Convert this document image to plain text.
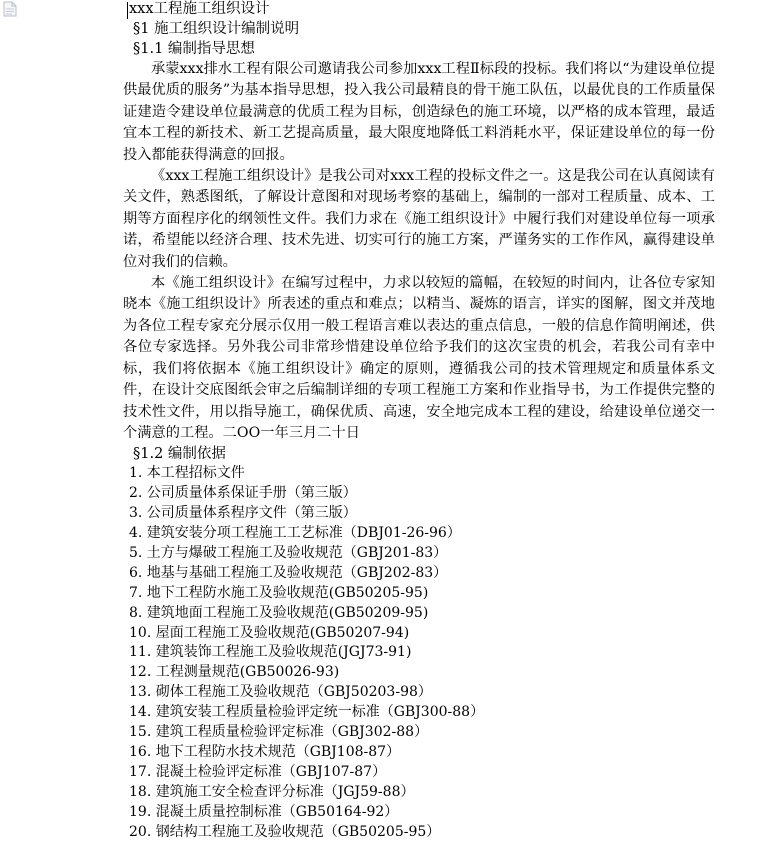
xxx工程施工组织设计
§1 施工组织设计编制说明
§1.1 编制指导思想

承蒙xxx排水工程有限公司邀请我公司参加xxx工程Ⅱ标段的投标。我们将以“为建设单位提供最优质的服务”为基本指导思想，投入我公司最精良的骨干施工队伍，以最优良的工作质量保证建造令建设单位最满意的优质工程为目标，创造绿色的施工环境，以严格的成本管理，最适宜本工程的新技术、新工艺提高质量，最大限度地降低工料消耗水平，保证建设单位的每一份投入都能获得满意的回报。

《xxx工程施工组织设计》是我公司对xxx工程的投标文件之一。这是我公司在认真阅读有关文件，熟悉图纸，了解设计意图和对现场考察的基础上，编制的一部对工程质量、成本、工期等方面程序化的纲领性文件。我们力求在《施工组织设计》中履行我们对建设单位每一项承诺，希望能以经济合理、技术先进、切实可行的施工方案，严谨务实的工作作风，赢得建设单位对我们的信赖。

本《施工组织设计》在编写过程中，力求以较短的篇幅，在较短的时间内，让各位专家知晓本《施工组织设计》所表述的重点和难点；以精当、凝炼的语言，详实的图解，图文并茂地为各位工程专家充分展示仅用一般工程语言难以表达的重点信息，一般的信息作简明阐述，供各位专家选择。另外我公司非常珍惜建设单位给予我们的这次宝贵的机会，若我公司有幸中标，我们将依据本《施工组织设计》确定的原则，遵循我公司的技术管理规定和质量体系文件，在设计交底图纸会审之后编制详细的专项工程施工方案和作业指导书，为工作提供完整的技术性文件，用以指导施工，确保优质、高速，安全地完成本工程的建设，给建设单位递交一个满意的工程。二OO一年三月二十日

§1.2 编制依据
1. 本工程招标文件
2. 公司质量体系保证手册（第三版）
3. 公司质量体系程序文件（第三版）
4. 建筑安装分项工程施工工艺标准（DBJ01-26-96）
5. 土方与爆破工程施工及验收规范（GBJ201-83）
6. 地基与基础工程施工及验收规范（GBJ202-83）
7. 地下工程防水施工及验收规范(GB50205-95)
8. 建筑地面工程施工及验收规范(GB50209-95)
10. 屋面工程施工及验收规范(GB50207-94)
11. 建筑装饰工程施工及验收规范(JGJ73-91)
12. 工程测量规范(GB50026-93)
13. 砌体工程施工及验收规范（GBJ50203-98）
14. 建筑安装工程质量检验评定统一标准（GBJ300-88）
15. 建筑工程质量检验评定标准（GBJ302-88）
16. 地下工程防水技术规范（GBJ108-87）
17. 混凝土检验评定标准（GBJ107-87）
18. 建筑施工安全检查评分标准（JGJ59-88）
19. 混凝土质量控制标准（GB50164-92）
20. 钢结构工程施工及验收规范（GB50205-95）
